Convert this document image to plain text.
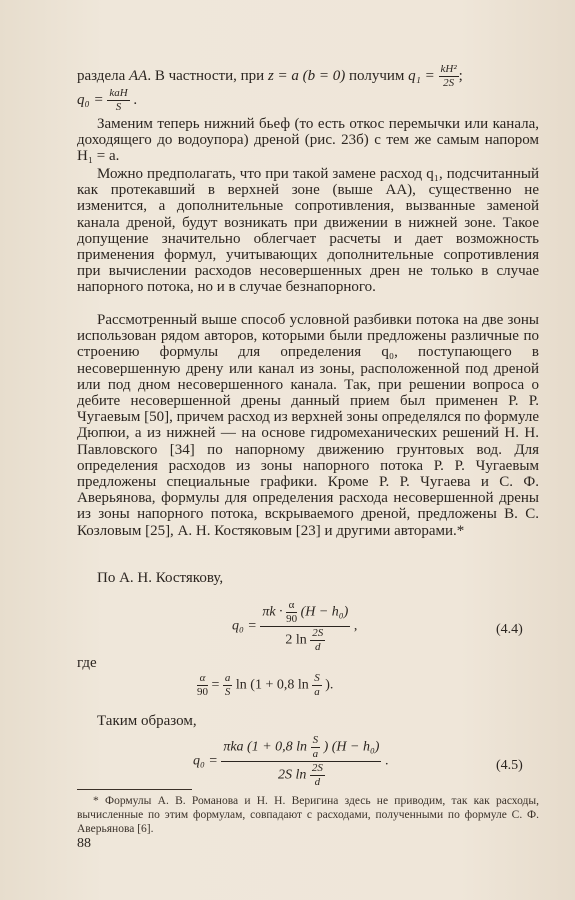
раздела АА. В частности, при z = a (b = 0) получим $q_1 = \frac{\text{kH²}}{2S}$ ;
$q_0 = \frac{\text{kaH}}{S}$ .
Заменим теперь нижний бьеф (то есть откос перемычки или канала, доходящего до водоупора) дреной (рис. 23б) с тем же самым напором H₁ = a.
Можно предполагать, что при такой замене расход q₁, подсчитанный как протекавший в верхней зоне (выше АА), существенно не изменится, а дополнительные сопротивления, вызванные заменой канала дреной, будут возникать при движении в нижней зоне. Такое допущение значительно облегчает расчеты и дает возможность применения формул, учитывающих дополнительные сопротивления при вычислении расходов несовершенных дрен не только в случае напорного потока, но и в случае безнапорного.
Рассмотренный выше способ условной разбивки потока на две зоны использован рядом авторов, которыми были предложены различные по строению формулы для определения q₀, поступающего в несовершенную дрену или канал из зоны, расположенной под дреной или под дном несовершенного канала. Так, при решении вопроса о дебите несовершенной дрены данный прием был применен Р. Р. Чугаевым [50], причем расход из верхней зоны определялся по формуле Дюпюи, а из нижней — на основе гидромеханических решений Н. Н. Павловского [34] по напорному движению грунтовых вод. Для определения расходов из зоны напорного потока Р. Р. Чугаевым предложены специальные графики. Кроме Р. Р. Чугаева и С. Ф. Аверьянова, формулы для определения расхода несовершенной дрены из зоны напорного потока, вскрываемого дреной, предложены В. С. Козловым [25], А. Н. Костяковым [23] и другими авторами.*
По А. Н. Костякову,
$q_0 = \frac{\pi k \cdot \frac{\alpha}{90} (H - h_0)}{2 \ln \frac{2S}{d}}$ ,	(4.4)
где
$\frac{\alpha}{90} = \frac{a}{S}$ ln (1 + 0,8 $\ln \frac{S}{a}$ ).
Таким образом,
$q_0 = \frac{\pi ka (1 + 0,8 \ln \frac{S}{a} ) (H - h_0)}{2S \ln \frac{2S}{d}}$ .	(4.5)
* Формулы А. В. Романова и Н. Н. Веригина здесь не приводим, так как расходы, вычисленные по этим формулам, совпадают с расходами, полученными по формуле С. Ф. Аверьянова [6].
88
